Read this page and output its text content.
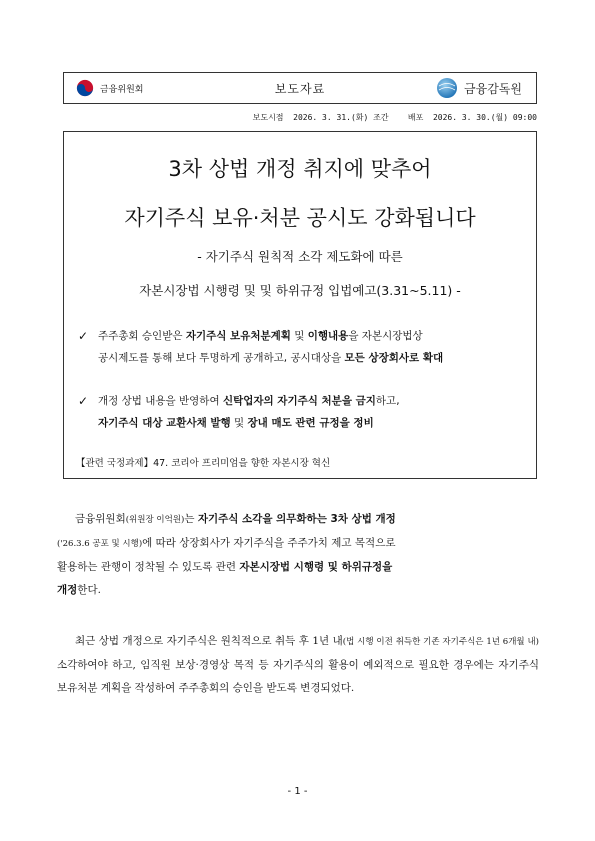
금융위원회	보도자료	금융감독원
보도시점  2026. 3. 31.(화) 조간    배포  2026. 3. 30.(월) 09:00
3차 상법 개정 취지에 맞추어
자기주식 보유·처분 공시도 강화됩니다
- 자기주식 원칙적 소각 제도화에 따른
자본시장법 시행령 및 및 하위규정 입법예고(3.31~5.11) -
✓ 주주총회 승인받은 자기주식 보유처분계획 및 이행내용을 자본시장법상
공시제도를 통해 보다 투명하게 공개하고, 공시대상을 모든 상장회사로 확대
✓ 개정 상법 내용을 반영하여 신탁업자의 자기주식 처분을 금지하고,
자기주식 대상 교환사채 발행 및 장내 매도 관련 규정을 정비
【관련 국정과제】47. 코리아 프리미엄을 향한 자본시장 혁신
금융위원회(위원장 이억원)는 자기주식 소각을 의무화하는 3차 상법 개정
('26.3.6 공포 및 시행)에 따라 상장회사가 자기주식을 주주가치 제고 목적으로
활용하는 관행이 정착될 수 있도록 관련 자본시장법 시행령 및 하위규정을
개정한다.
최근 상법 개정으로 자기주식은 원칙적으로 취득 후 1년 내(법 시행 이전 취득한 기존 자기주식은 1년 6개월 내) 소각하여야 하고, 임직원 보상·경영상 목적 등 자기주식의 활용이 예외적으로 필요한 경우에는 자기주식 보유처분 계획을 작성하여 주주총회의 승인을 받도록 변경되었다.
- 1 -
